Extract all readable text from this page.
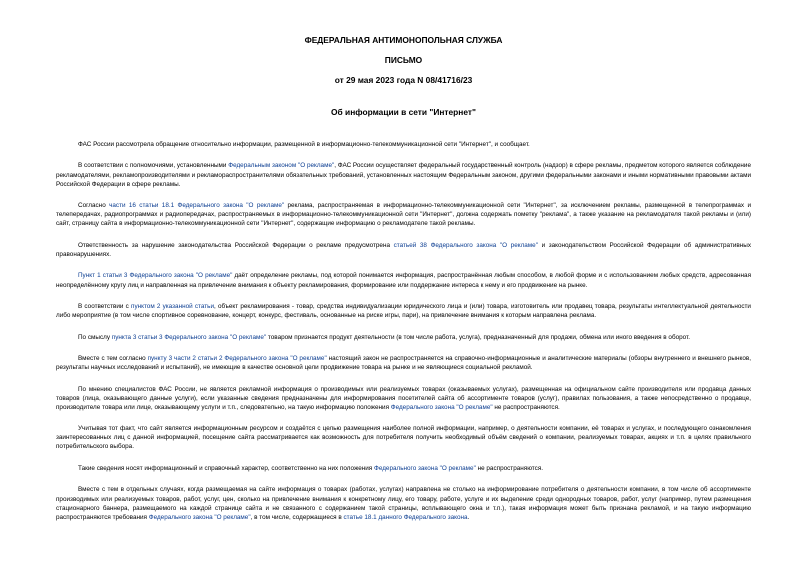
ФЕДЕРАЛЬНАЯ АНТИМОНОПОЛЬНАЯ СЛУЖБА
ПИСЬМО
от 29 мая 2023 года N 08/41716/23
Об информации в сети "Интернет"

ФАС России рассмотрела обращение относительно информации, размещенной в информационно-телекоммуникационной сети "Интернет", и сообщает.

В соответствии с полномочиями, установленными Федеральным законом "О рекламе", ФАС России осуществляет федеральный государственный контроль (надзор) в сфере рекламы, предметом которого является соблюдение рекламодателями, рекламопроизводителями и рекламораспространителями обязательных требований, установленных настоящим Федеральным законом, другими федеральными законами и иными нормативными правовыми актами Российской Федерации в сфере рекламы.

Согласно части 16 статьи 18.1 Федерального закона "О рекламе" реклама, распространяемая в информационно-телекоммуникационной сети "Интернет", за исключением рекламы, размещенной в телепрограммах и телепередачах, радиопрограммах и радиопередачах, распространяемых в информационно-телекоммуникационной сети "Интернет", должна содержать пометку "реклама", а также указание на рекламодателя такой рекламы и (или) сайт, страницу сайта в информационно-телекоммуникационной сети "Интернет", содержащие информацию о рекламодателе такой рекламы.

Ответственность за нарушение законодательства Российской Федерации о рекламе предусмотрена статьей 38 Федерального закона "О рекламе" и законодательством Российской Федерации об административных правонарушениях.

Пункт 1 статьи 3 Федерального закона "О рекламе" даёт определение рекламы, под которой понимается информация, распространённая любым способом, в любой форме и с использованием любых средств, адресованная неопределённому кругу лиц и направленная на привлечение внимания к объекту рекламирования, формирование или поддержание интереса к нему и его продвижение на рынке.

В соответствии с пунктом 2 указанной статьи, объект рекламирования - товар, средства индивидуализации юридического лица и (или) товара, изготовитель или продавец товара, результаты интеллектуальной деятельности либо мероприятие (в том числе спортивное соревнование, концерт, конкурс, фестиваль, основанные на риске игры, пари), на привлечение внимания к которым направлена реклама.

По смыслу пункта 3 статьи 3 Федерального закона "О рекламе" товаром признается продукт деятельности (в том числе работа, услуга), предназначенный для продажи, обмена или иного введения в оборот.

Вместе с тем согласно пункту 3 части 2 статьи 2 Федерального закона "О рекламе" настоящий закон не распространяется на справочно-информационные и аналитические материалы (обзоры внутреннего и внешнего рынков, результаты научных исследований и испытаний), не имеющие в качестве основной цели продвижение товара на рынке и не являющиеся социальной рекламой.

По мнению специалистов ФАС России, не является рекламной информация о производимых или реализуемых товарах (оказываемых услугах), размещенная на официальном сайте производителя или продавца данных товаров (лица, оказывающего данные услуги), если указанные сведения предназначены для информирования посетителей сайта об ассортименте товаров (услуг), правилах пользования, а также непосредственно о продавце, производителе товара или лице, оказывающему услуги и т.п., следовательно, на такую информацию положения Федерального закона "О рекламе" не распространяются.

Учитывая тот факт, что сайт является информационным ресурсом и создаётся с целью размещения наиболее полной информации, например, о деятельности компании, её товарах и услугах, и последующего ознакомления заинтересованных лиц с данной информацией, посещение сайта рассматривается как возможность для потребителя получить необходимый объём сведений о компании, реализуемых товарах, акциях и т.п. в целях правильного потребительского выбора.

Такие сведения носят информационный и справочный характер, соответственно на них положения Федерального закона "О рекламе" не распространяются.

Вместе с тем в отдельных случаях, когда размещаемая на сайте информация о товарах (работах, услугах) направлена не столько на информирование потребителя о деятельности компании, в том числе об ассортименте производимых или реализуемых товаров, работ, услуг, цен, сколько на привлечение внимания к конкретному лицу, его товару, работе, услуге и их выделение среди однородных товаров, работ, услуг (например, путем размещения стационарного баннера, размещаемого на каждой странице сайта и не связанного с содержанием такой страницы, всплывающего окна и т.п.), такая информация может быть признана рекламой, и на такую информацию распространяются требования Федерального закона "О рекламе", в том числе, содержащиеся в статье 18.1 данного Федерального закона.
